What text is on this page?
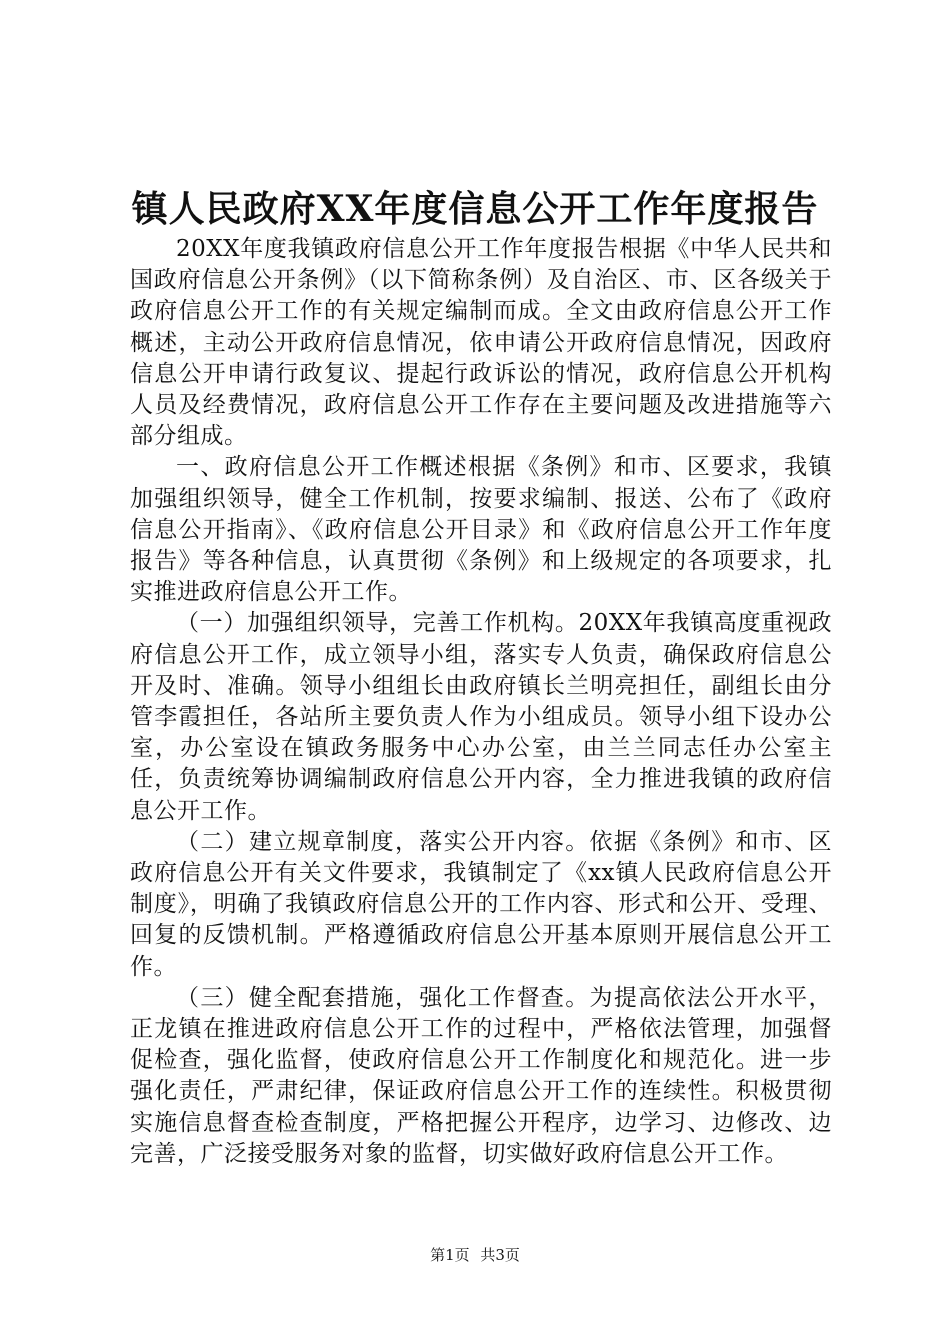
镇人民政府XX年度信息公开工作年度报告

20XX年度我镇政府信息公开工作年度报告根据《中华人民共和国政府信息公开条例》（以下简称条例）及自治区、市、区各级关于政府信息公开工作的有关规定编制而成。全文由政府信息公开工作概述，主动公开政府信息情况，依申请公开政府信息情况，因政府信息公开申请行政复议、提起行政诉讼的情况，政府信息公开机构人员及经费情况，政府信息公开工作存在主要问题及改进措施等六部分组成。

一、政府信息公开工作概述根据《条例》和市、区要求，我镇加强组织领导，健全工作机制，按要求编制、报送、公布了《政府信息公开指南》、《政府信息公开目录》和《政府信息公开工作年度报告》等各种信息，认真贯彻《条例》和上级规定的各项要求，扎实推进政府信息公开工作。

（一）加强组织领导，完善工作机构。20XX年我镇高度重视政府信息公开工作，成立领导小组，落实专人负责，确保政府信息公开及时、准确。领导小组组长由政府镇长兰明亮担任，副组长由分管李霞担任，各站所主要负责人作为小组成员。领导小组下设办公室，办公室设在镇政务服务中心办公室，由兰兰同志任办公室主任，负责统筹协调编制政府信息公开内容，全力推进我镇的政府信息公开工作。

（二）建立规章制度，落实公开内容。依据《条例》和市、区政府信息公开有关文件要求，我镇制定了《xx镇人民政府信息公开制度》，明确了我镇政府信息公开的工作内容、形式和公开、受理、回复的反馈机制。严格遵循政府信息公开基本原则开展信息公开工作。

（三）健全配套措施，强化工作督查。为提高依法公开水平，正龙镇在推进政府信息公开工作的过程中，严格依法管理，加强督促检查，强化监督，使政府信息公开工作制度化和规范化。进一步强化责任，严肃纪律，保证政府信息公开工作的连续性。积极贯彻实施信息督查检查制度，严格把握公开程序，边学习、边修改、边完善，广泛接受服务对象的监督，切实做好政府信息公开工作。

第1页 共3页
